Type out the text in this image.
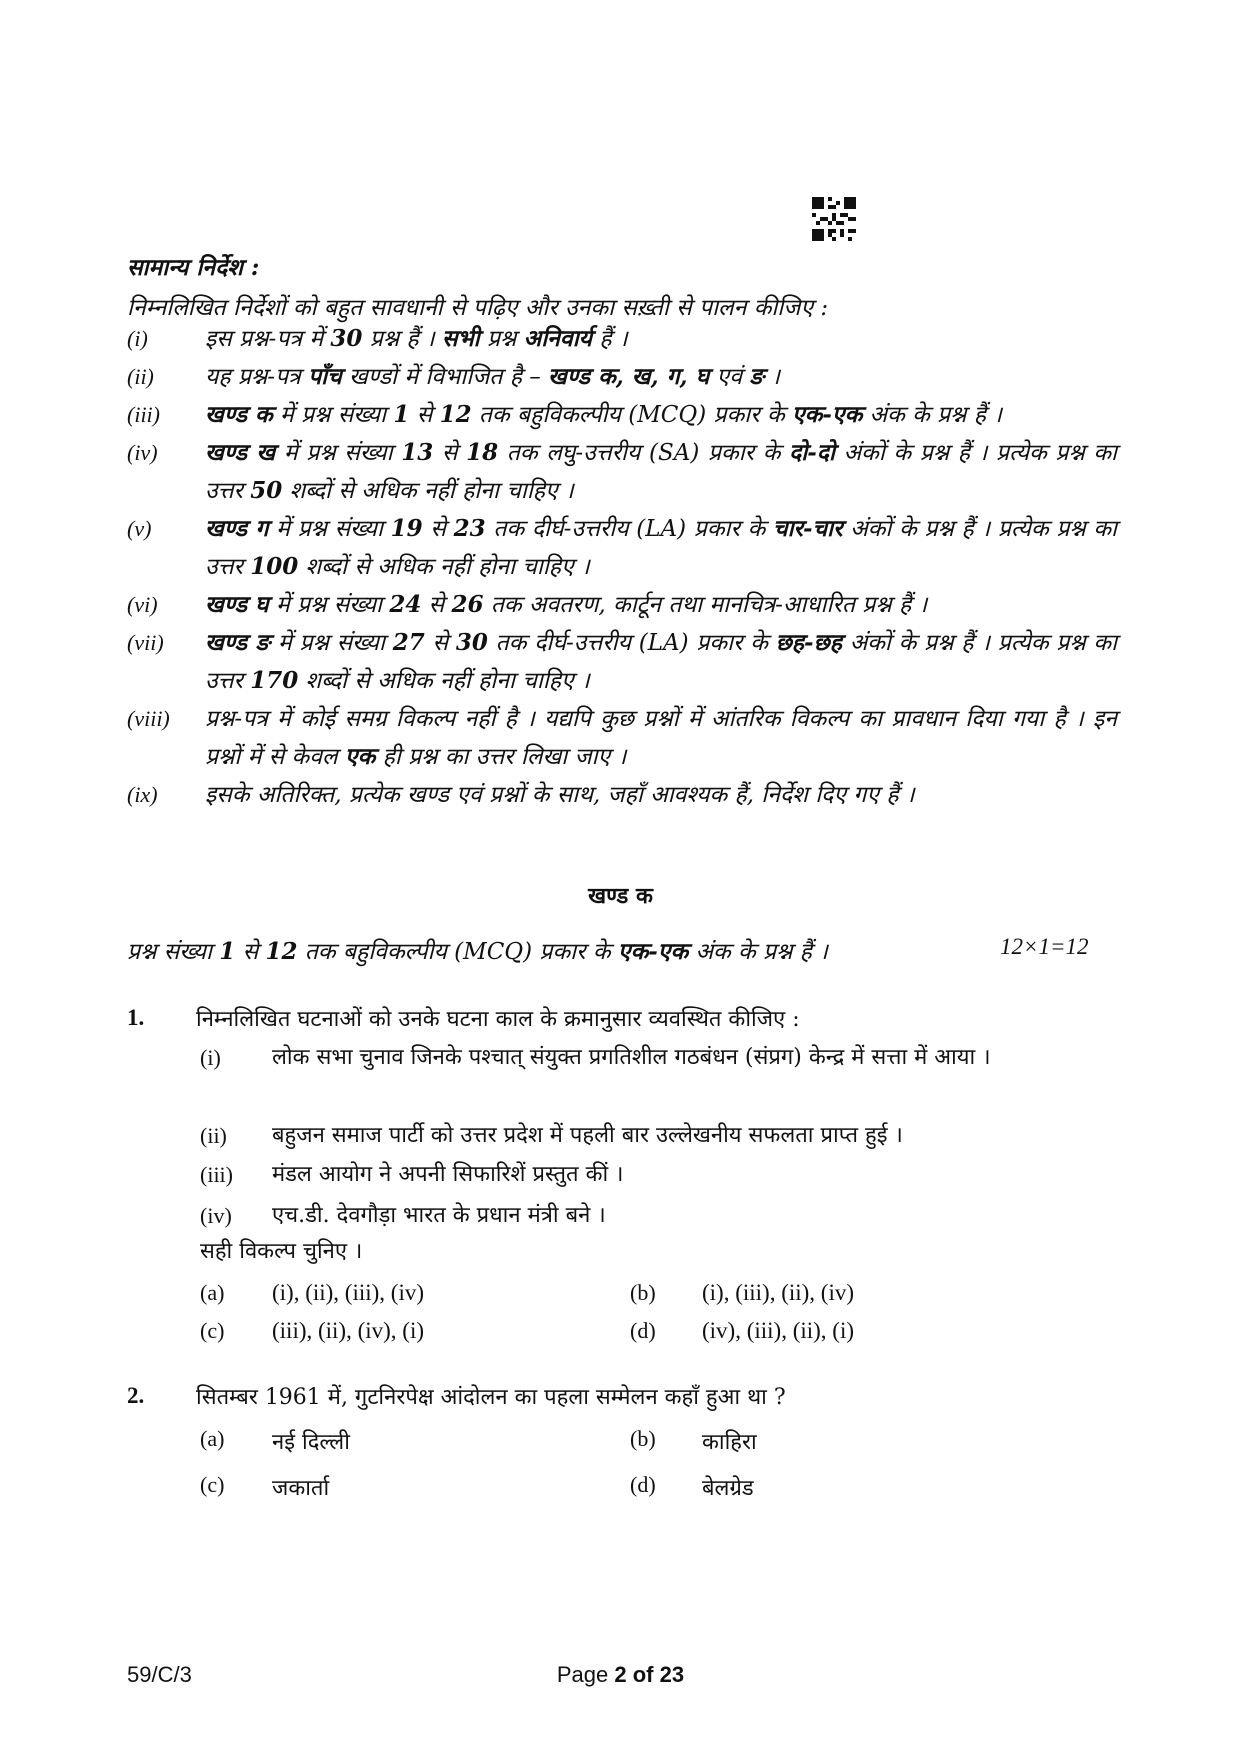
सामान्य निर्देश :
निम्नलिखित निर्देशों को बहुत सावधानी से पढ़िए और उनका सख़्ती से पालन कीजिए :
(i) इस प्रश्न-पत्र में 30 प्रश्न हैं । सभी प्रश्न अनिवार्य हैं ।
(ii) यह प्रश्न-पत्र पाँच खण्डों में विभाजित है – खण्ड क, ख, ग, घ एवं ङ ।
(iii) खण्ड क में प्रश्न संख्या 1 से 12 तक बहुविकल्पीय (MCQ) प्रकार के एक-एक अंक के प्रश्न हैं ।
(iv) खण्ड ख में प्रश्न संख्या 13 से 18 तक लघु-उत्तरीय (SA) प्रकार के दो-दो अंकों के प्रश्न हैं । प्रत्येक प्रश्न का उत्तर 50 शब्दों से अधिक नहीं होना चाहिए ।
(v) खण्ड ग में प्रश्न संख्या 19 से 23 तक दीर्घ-उत्तरीय (LA) प्रकार के चार-चार अंकों के प्रश्न हैं । प्रत्येक प्रश्न का उत्तर 100 शब्दों से अधिक नहीं होना चाहिए ।
(vi) खण्ड घ में प्रश्न संख्या 24 से 26 तक अवतरण, कार्टून तथा मानचित्र-आधारित प्रश्न हैं ।
(vii) खण्ड ङ में प्रश्न संख्या 27 से 30 तक दीर्घ-उत्तरीय (LA) प्रकार के छह-छह अंकों के प्रश्न हैं । प्रत्येक प्रश्न का उत्तर 170 शब्दों से अधिक नहीं होना चाहिए ।
(viii) प्रश्न-पत्र में कोई समग्र विकल्प नहीं है । यद्यपि कुछ प्रश्नों में आंतरिक विकल्प का प्रावधान दिया गया है । इन प्रश्नों में से केवल एक ही प्रश्न का उत्तर लिखा जाए ।
(ix) इसके अतिरिक्त, प्रत्येक खण्ड एवं प्रश्नों के साथ, जहाँ आवश्यक हैं, निर्देश दिए गए हैं ।
खण्ड क
प्रश्न संख्या 1 से 12 तक बहुविकल्पीय (MCQ) प्रकार के एक-एक अंक के प्रश्न हैं ।	12×1=12
1. निम्नलिखित घटनाओं को उनके घटना काल के क्रमानुसार व्यवस्थित कीजिए :
(i) लोक सभा चुनाव जिनके पश्चात् संयुक्त प्रगतिशील गठबंधन (संप्रग) केन्द्र में सत्ता में आया ।
(ii) बहुजन समाज पार्टी को उत्तर प्रदेश में पहली बार उल्लेखनीय सफलता प्राप्त हुई ।
(iii) मंडल आयोग ने अपनी सिफारिशें प्रस्तुत कीं ।
(iv) एच.डी. देवगौड़ा भारत के प्रधान मंत्री बने ।
सही विकल्प चुनिए ।
(a) (i), (ii), (iii), (iv)	(b) (i), (iii), (ii), (iv)
(c) (iii), (ii), (iv), (i)	(d) (iv), (iii), (ii), (i)
2. सितम्बर 1961 में, गुटनिरपेक्ष आंदोलन का पहला सम्मेलन कहाँ हुआ था ?
(a) नई दिल्ली	(b) काहिरा
(c) जकार्ता	(d) बेलग्रेड
59/C/3	Page 2 of 23
